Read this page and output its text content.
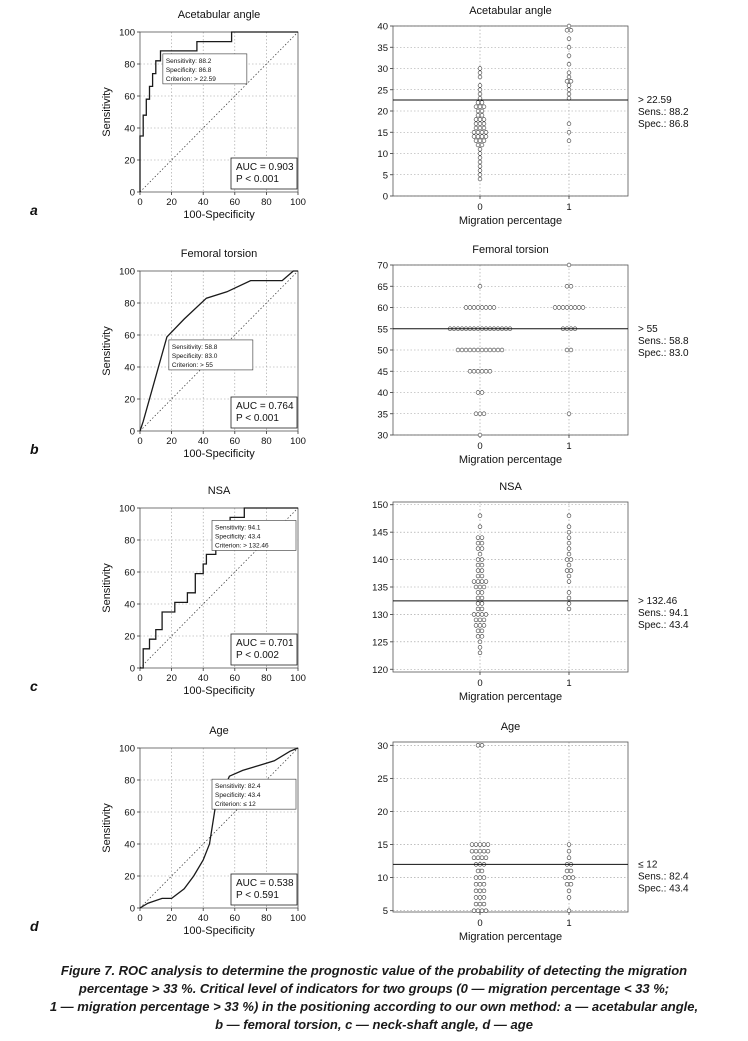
a
Acetabular angle
0
0
20
20
40
40
60
60
80
80
100
100
100-Specificity
Sensitivity
Sensitivity: 88.2
Specificity: 86.8
Criterion: > 22.59
AUC = 0.903
P < 0.001
Acetabular angle
0
5
10
15
20
25
30
35
40
0	1
Migration percentage
> 22.59
Sens.: 88.2
Spec.: 86.8
b
Femoral torsion
0
0
20
20
40
40
60
60
80
80
100
100
100-Specificity
Sensitivity	Sensitivity: 58.8
Specificity: 83.0
Criterion: > 55
AUC = 0.764
P < 0.001
Femoral torsion
30
35
40
45
50
55
60
65
70
0	1
Migration percentage
> 55
Sens.: 58.8
Spec.: 83.0
c
NSA
0
0
20
20
40
40
60
60
80
80
100
100
100-Specificity
Sensitivity
Sensitivity: 94.1
Specificity: 43.4
Criterion: > 132.46
AUC = 0.701
P < 0.002
NSA
120
125
130
135
140
145
150
0	1
Migration percentage
> 132.46
Sens.: 94.1
Spec.: 43.4
d
Age
0
0
20
20
40
40
60
60
80
80
100
100
100-Specificity
Sensitivity
Sensitivity: 82.4
Specificity: 43.4
Criterion: ≤ 12
AUC = 0.538
P < 0.591
Age
5
10
15
20
25
30
0	1
Migration percentage
≤ 12
Sens.: 82.4
Spec.: 43.4
Figure 7. ROC analysis to determine the prognostic value of the probability of detecting the migration
percentage > 33 %. Critical level of indicators for two groups (0 — migration percentage < 33 %;
1 — migration percentage > 33 %) in the positioning according to our own method: a — acetabular angle,
b — femoral torsion, c — neck-shaft angle, d — age
